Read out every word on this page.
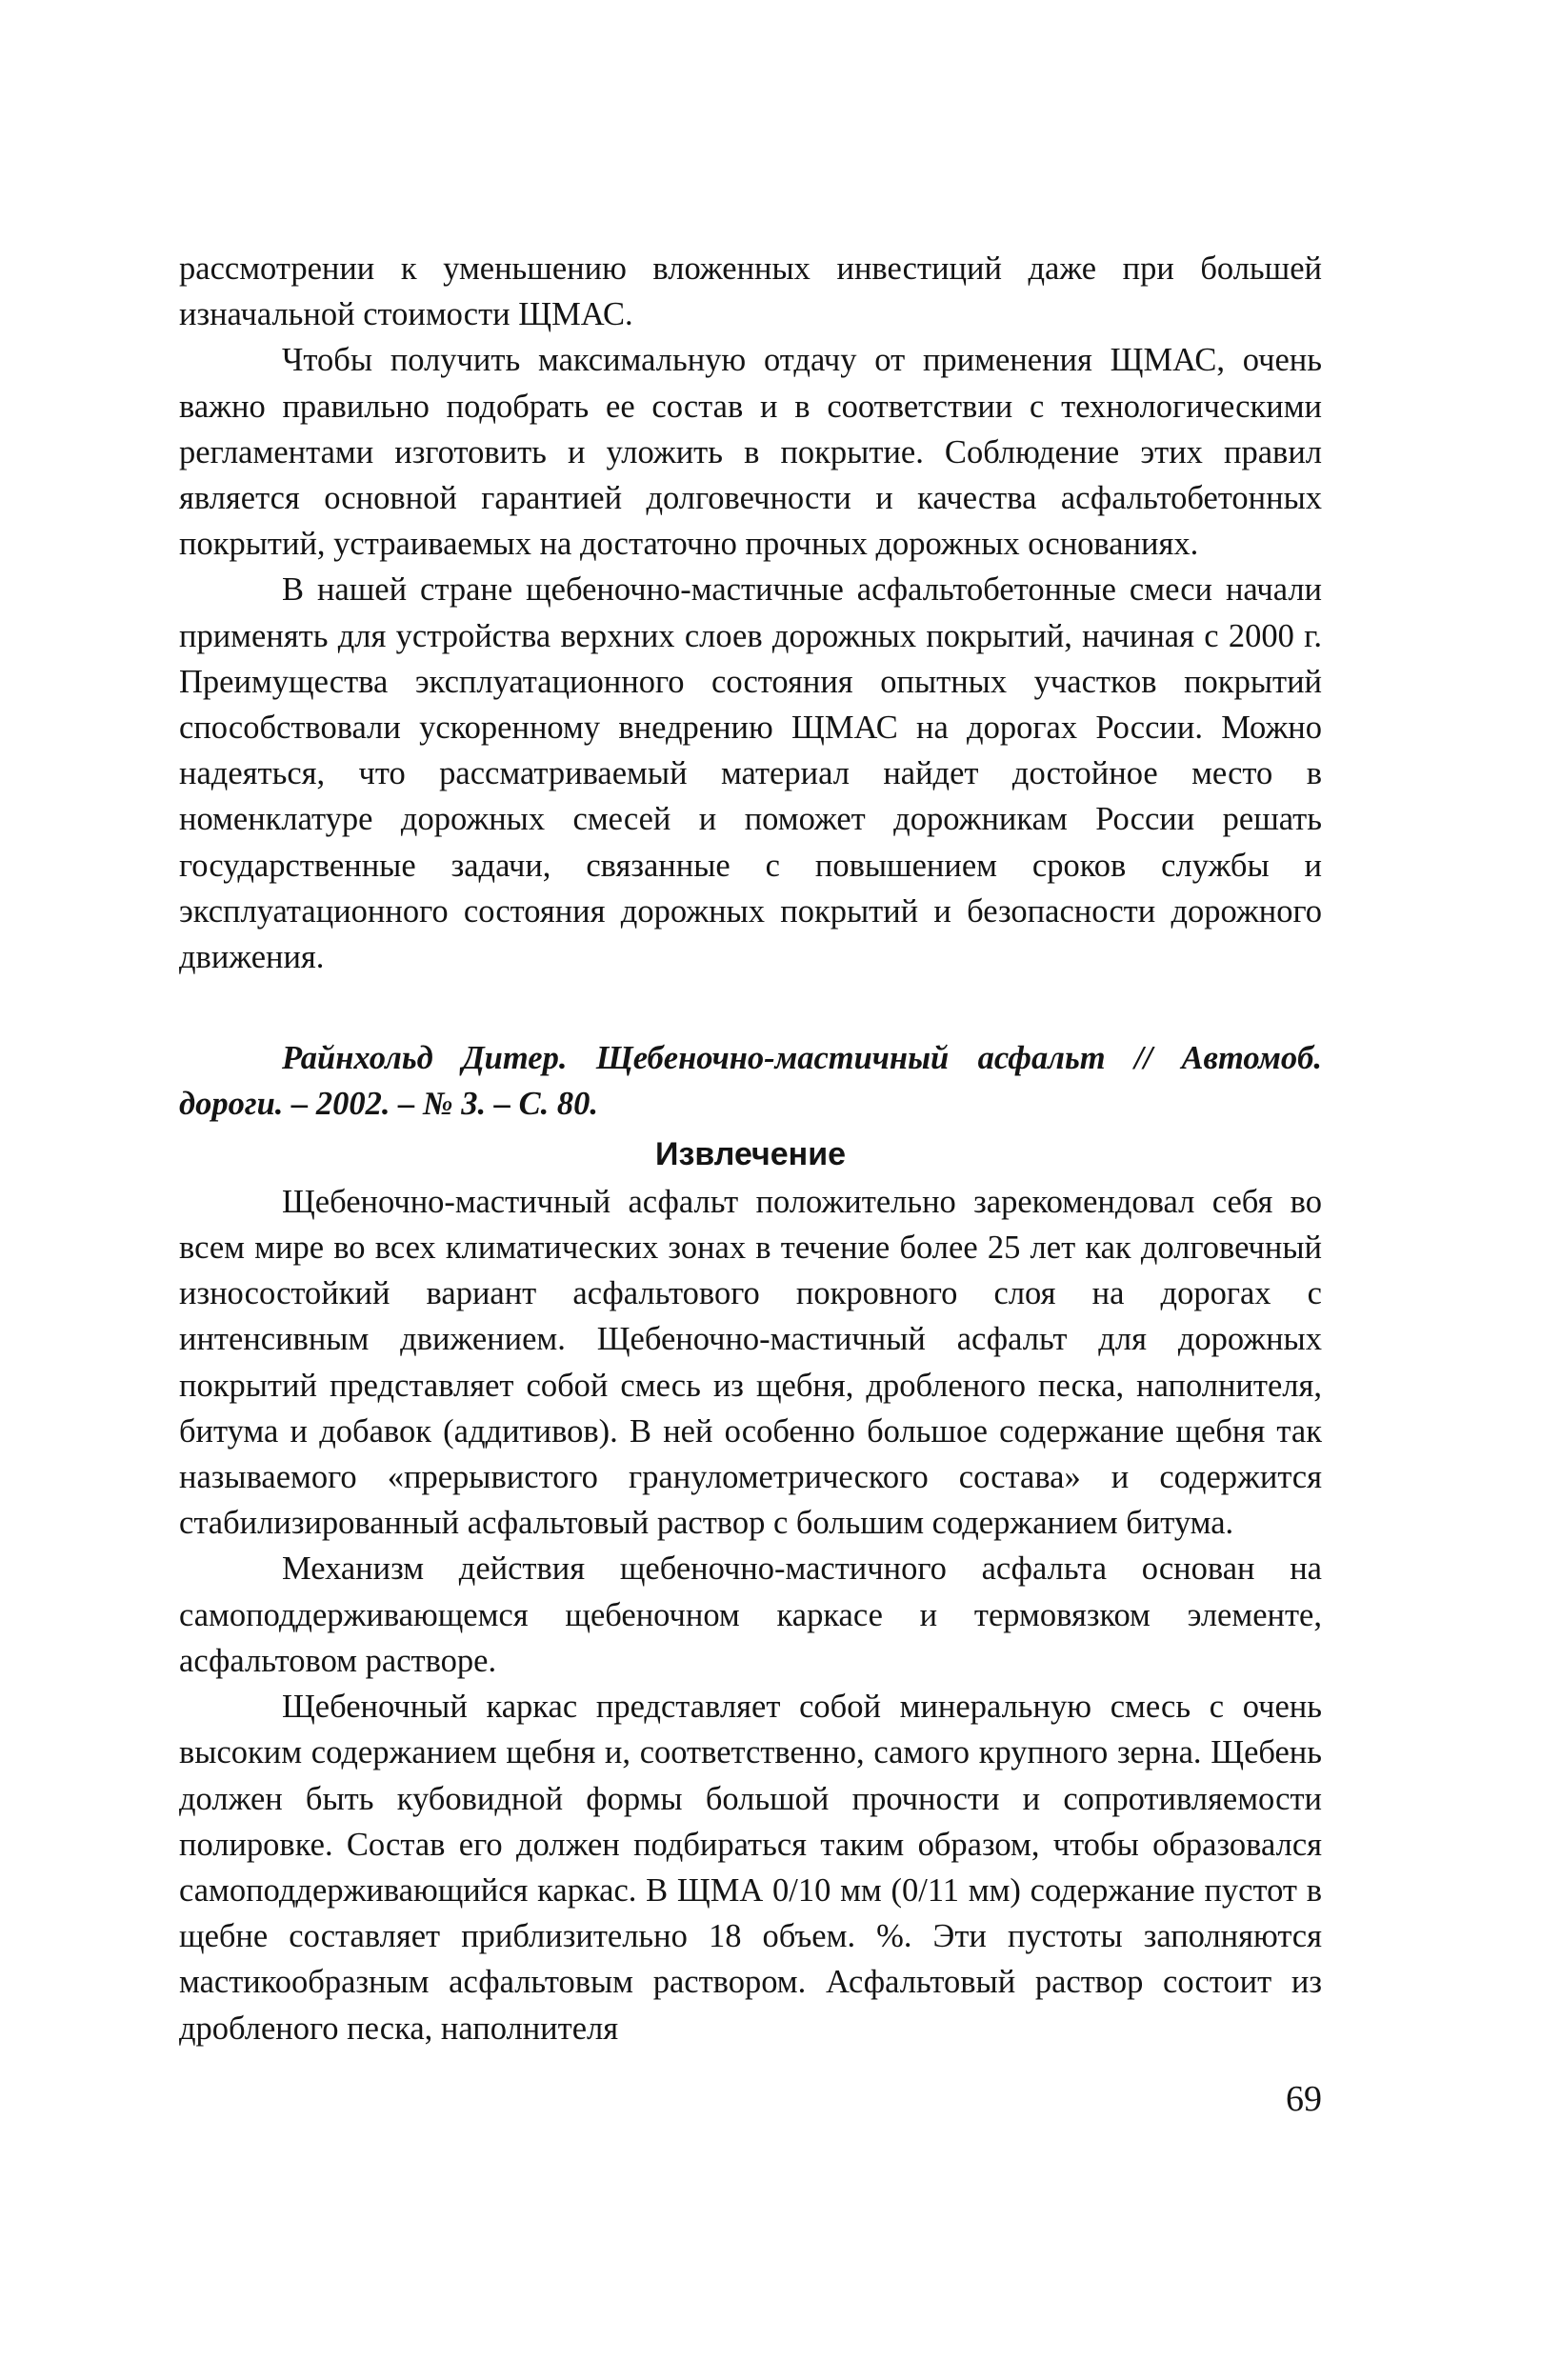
рассмотрении к уменьшению вложенных инвестиций даже при большей изначальной стоимости ЩМАС.

Чтобы получить максимальную отдачу от применения ЩМАС, очень важно правильно подобрать ее состав и в соответствии с технологическими регламентами изготовить и уложить в покрытие. Соблюдение этих правил является основной гарантией долговечности и качества асфальтобетонных покрытий, устраиваемых на достаточно прочных дорожных основаниях.

В нашей стране щебеночно-мастичные асфальтобетонные смеси начали применять для устройства верхних слоев дорожных покрытий, начиная с 2000 г. Преимущества эксплуатационного состояния опытных участков покрытий способствовали ускоренному внедрению ЩМАС на дорогах России. Можно надеяться, что рассматриваемый материал найдет достойное место в номенклатуре дорожных смесей и поможет дорожникам России решать государственные задачи, связанные с повышением сроков службы и эксплуатационного состояния дорожных покрытий и безопасности дорожного движения.

Райнхольд Дитер. Щебеночно-мастичный асфальт // Автомоб. дороги. – 2002. – № 3. – С. 80.

Извлечение

Щебеночно-мастичный асфальт положительно зарекомендовал себя во всем мире во всех климатических зонах в течение более 25 лет как долговечный износостойкий вариант асфальтового покровного слоя на дорогах с интенсивным движением. Щебеночно-мастичный асфальт для дорожных покрытий представляет собой смесь из щебня, дробленого песка, наполнителя, битума и добавок (аддитивов). В ней особенно большое содержание щебня так называемого «прерывистого гранулометрического состава» и содержится стабилизированный асфальтовый раствор с большим содержанием битума.

Механизм действия щебеночно-мастичного асфальта основан на самоподдерживающемся щебеночном каркасе и термовязком элементе, асфальтовом растворе.

Щебеночный каркас представляет собой минеральную смесь с очень высоким содержанием щебня и, соответственно, самого крупного зерна. Щебень должен быть кубовидной формы большой прочности и сопротивляемости полировке. Состав его должен подбираться таким образом, чтобы образовался самоподдерживающийся каркас. В ЩМА 0/10 мм (0/11 мм) содержание пустот в щебне составляет приблизительно 18 объем. %. Эти пустоты заполняются мастикообразным асфальтовым раствором. Асфальтовый раствор состоит из дробленого песка, наполнителя

69
